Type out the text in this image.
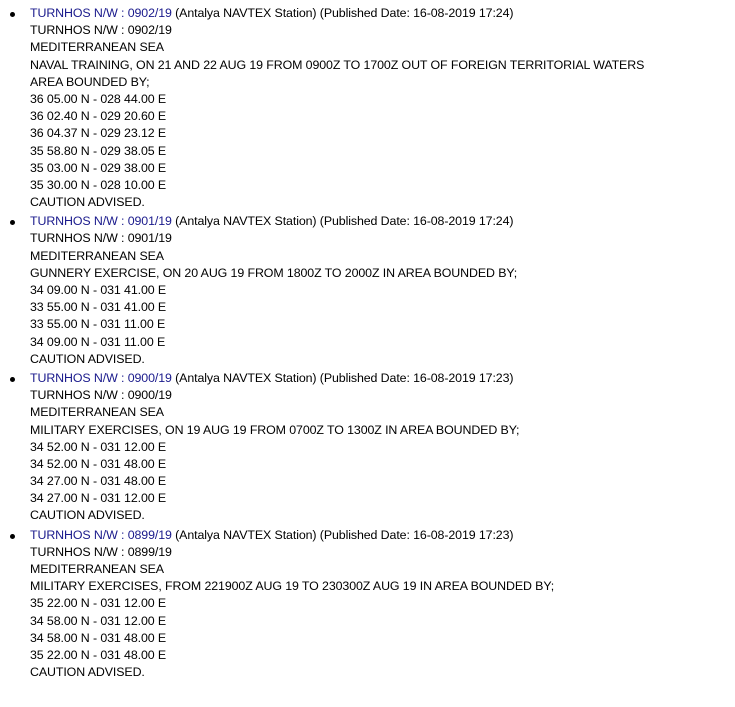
TURNHOS N/W : 0902/19 (Antalya NAVTEX Station) (Published Date: 16-08-2019 17:24)
TURNHOS N/W : 0902/19
MEDITERRANEAN SEA
NAVAL TRAINING, ON 21 AND 22 AUG 19 FROM 0900Z TO 1700Z OUT OF FOREIGN TERRITORIAL WATERS
AREA BOUNDED BY;
36 05.00 N - 028 44.00 E
36 02.40 N - 029 20.60 E
36 04.37 N - 029 23.12 E
35 58.80 N - 029 38.05 E
35 03.00 N - 029 38.00 E
35 30.00 N - 028 10.00 E
CAUTION ADVISED.
TURNHOS N/W : 0901/19 (Antalya NAVTEX Station) (Published Date: 16-08-2019 17:24)
TURNHOS N/W : 0901/19
MEDITERRANEAN SEA
GUNNERY EXERCISE, ON 20 AUG 19 FROM 1800Z TO 2000Z IN AREA BOUNDED BY;
34 09.00 N - 031 41.00 E
33 55.00 N - 031 41.00 E
33 55.00 N - 031 11.00 E
34 09.00 N - 031 11.00 E
CAUTION ADVISED.
TURNHOS N/W : 0900/19 (Antalya NAVTEX Station) (Published Date: 16-08-2019 17:23)
TURNHOS N/W : 0900/19
MEDITERRANEAN SEA
MILITARY EXERCISES, ON 19 AUG 19 FROM 0700Z TO 1300Z IN AREA BOUNDED BY;
34 52.00 N - 031 12.00 E
34 52.00 N - 031 48.00 E
34 27.00 N - 031 48.00 E
34 27.00 N - 031 12.00 E
CAUTION ADVISED.
TURNHOS N/W : 0899/19 (Antalya NAVTEX Station) (Published Date: 16-08-2019 17:23)
TURNHOS N/W : 0899/19
MEDITERRANEAN SEA
MILITARY EXERCISES, FROM 221900Z AUG 19 TO 230300Z AUG 19 IN AREA BOUNDED BY;
35 22.00 N - 031 12.00 E
34 58.00 N - 031 12.00 E
34 58.00 N - 031 48.00 E
35 22.00 N - 031 48.00 E
CAUTION ADVISED.
